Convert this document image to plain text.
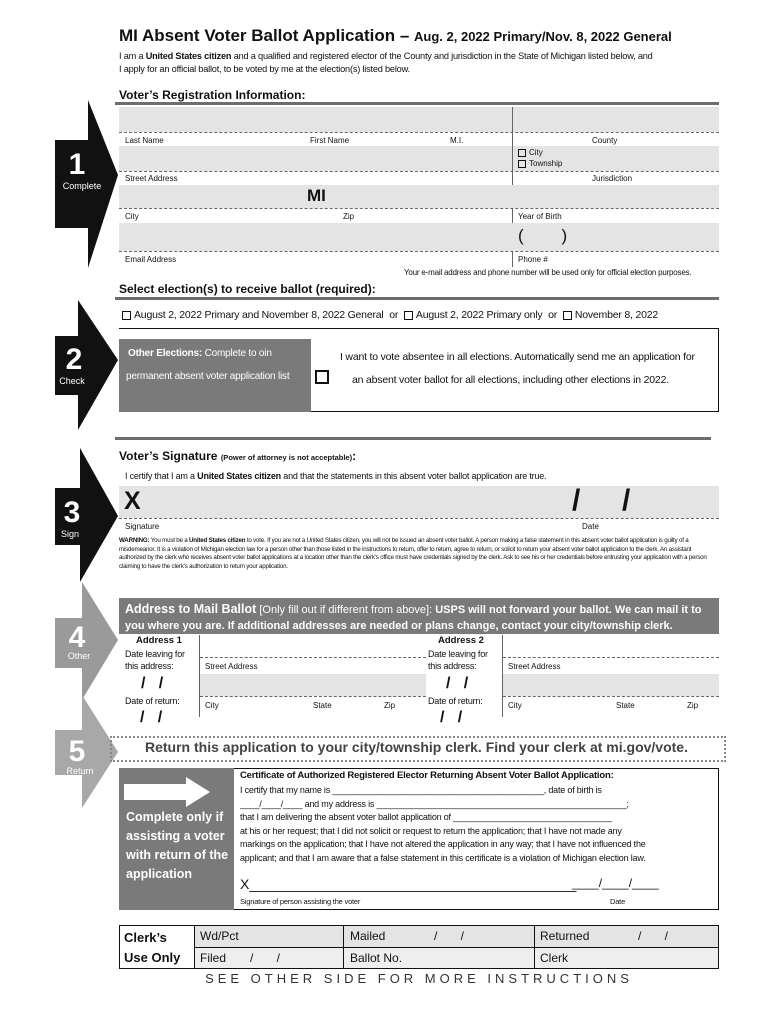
1
Complete
2
Check
3
Sign
4
Other
5
Return
MI Absent Voter Ballot Application – Aug. 2, 2022 Primary/Nov. 8, 2022 General
I am a United States citizen and a qualified and registered elector of the County and jurisdiction in the State of Michigan listed below, and
I apply for an official ballot, to be voted by me at the election(s) listed below.
Voter’s Registration Information:
Last Name	First Name	M.I.	County
City
Township
Street Address	Jurisdiction
MI
City	Zip	Year of Birth
(        )
Email Address	Phone #
Your e-mail address and phone number will be used only for official election purposes.
Select election(s) to receive ballot (required):
August 2, 2022 Primary and November 8, 2022 General or August 2, 2022 Primary only or November 8, 2022
Other Elections: Complete to oin
permanent absent voter application list
I want to vote absentee in all elections. Automatically send me an application for
an absent voter ballot for all elections, including other elections in 2022.
Voter’s Signature (Power of attorney is not acceptable):
I certify that I am a United States citizen and that the statements in this absent voter ballot application are true.
X	/     /
Signature	Date
WARNING: You must be a United States citizen to vote. If you are not a United States citizen, you will not be issued an absent voter ballot. A person making a false statement in this absent voter ballot application is guilty of a misdemeanor. It is a violation of Michigan election law for a person other than those listed in the instructions to return, offer to return, agree to return, or solicit to return your absent voter ballot application to the clerk. An assistant authorized by the clerk who receives absent voter ballot applications at a location other than the clerk’s office must have credentials signed by the clerk. Ask to see his or her credentials before entrusting your application with a person claiming to have the clerk’s authorization to return your application.
Address to Mail Ballot [Only fill out if different from above]: USPS will not forward your ballot. We can mail it to you where you are. If additional addresses are needed or plans change, contact your city/township clerk.
Address 1
Date leaving for this address:
/   /
Date of return:
/   /
Street Address
City	State	Zip
Address 2
Date leaving for this address:
/   /
Date of return:
/   /
Street Address
City	State	Zip
Return this application to your city/township clerk. Find your clerk at mi.gov/vote.
Complete only if assisting a voter with return of the application
Certificate of Authorized Registered Elector Returning Absent Voter Ballot Application:
I certify that my name is ____________________________________________, date of birth is
____/____/____ and my address is ____________________________________________________;
that I am delivering the absent voter ballot application of _________________________________
at his or her request; that I did not solicit or request to return the application; that I have not made any
markings on the application; that I have not altered the application in any way; that I have not influenced the
applicant; and that I am aware that a false statement in this certificate is a violation of Michigan election law.
X__________________________________________
____/____/____
Signature of person assisting the voter	Date
Clerk’s
Use Only
Wd/Pct	Mailed	/       /	Returned	/       /
Filed /       /	Ballot No.	Clerk
SEE OTHER SIDE FOR MORE INSTRUCTIONS
